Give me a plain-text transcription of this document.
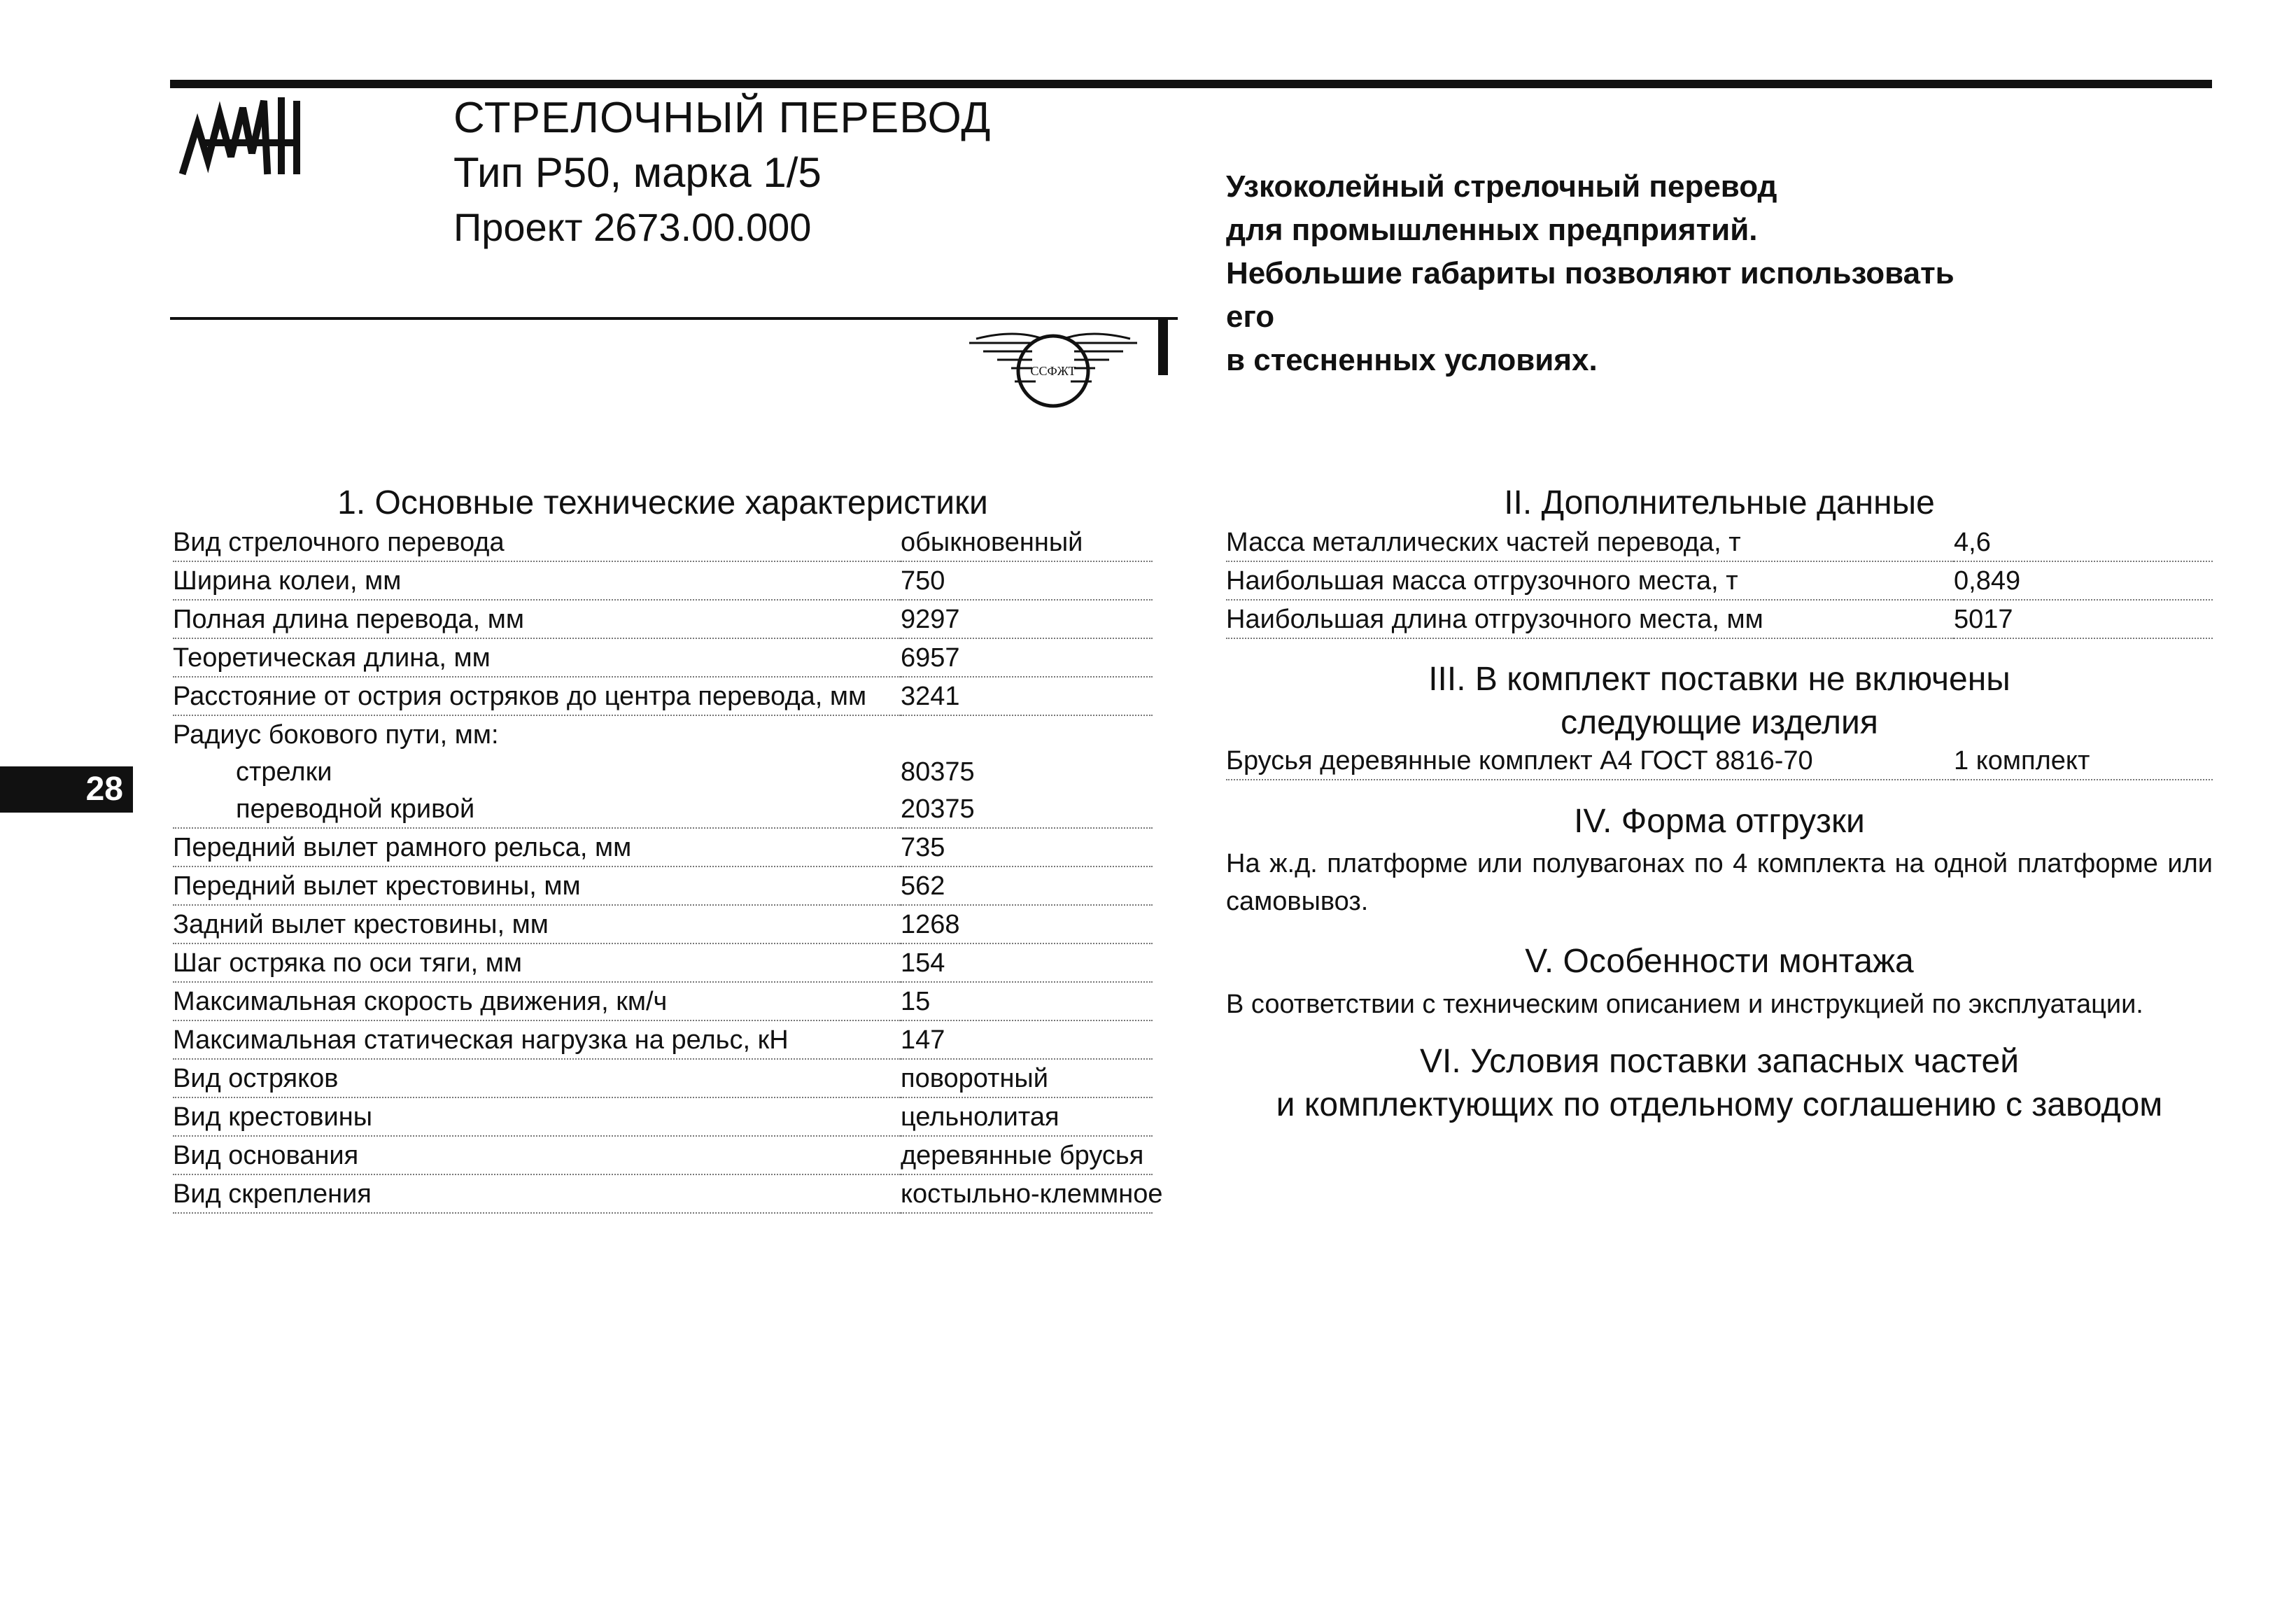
СТРЕЛОЧНЫЙ ПЕРЕВОД
Тип Р50, марка 1/5
Проект 2673.00.000
Узкоколейный стрелочный перевод
для промышленных предприятий.
Небольшие габариты позволяют использовать его
в стесненных условиях.
ССФЖТ
28
1. Основные технические характеристики
Вид стрелочного перевода	обыкновенный
Ширина колеи, мм	750
Полная длина перевода, мм	9297
Теоретическая длина, мм	6957
Расстояние от острия остряков до центра перевода, мм	3241
Радиус бокового пути, мм:	
стрелки	80375
переводной кривой	20375
Передний вылет рамного рельса, мм	735
Передний вылет крестовины, мм	562
Задний вылет крестовины, мм	1268
Шаг остряка по оси тяги, мм	154
Максимальная скорость движения, км/ч	15
Максимальная статическая нагрузка на рельс, кН	147
Вид остряков	поворотный
Вид крестовины	цельнолитая
Вид основания	деревянные брусья
Вид скрепления	костыльно-клеммное
II. Дополнительные данные
Масса металлических частей перевода, т	4,6
Наибольшая масса отгрузочного места, т	0,849
Наибольшая длина отгрузочного места, мм	5017
III. В комплект поставки не включены
следующие изделия
Брусья деревянные комплект А4 ГОСТ 8816-70	1 комплект
IV. Форма отгрузки
На ж.д. платформе или полувагонах по 4 комплекта на одной платформе или самовывоз.
V. Особенности монтажа
В соответствии с техническим описанием и инструкцией по эксплуатации.
VI. Условия поставки запасных частей
и комплектующих по отдельному соглашению с заводом
